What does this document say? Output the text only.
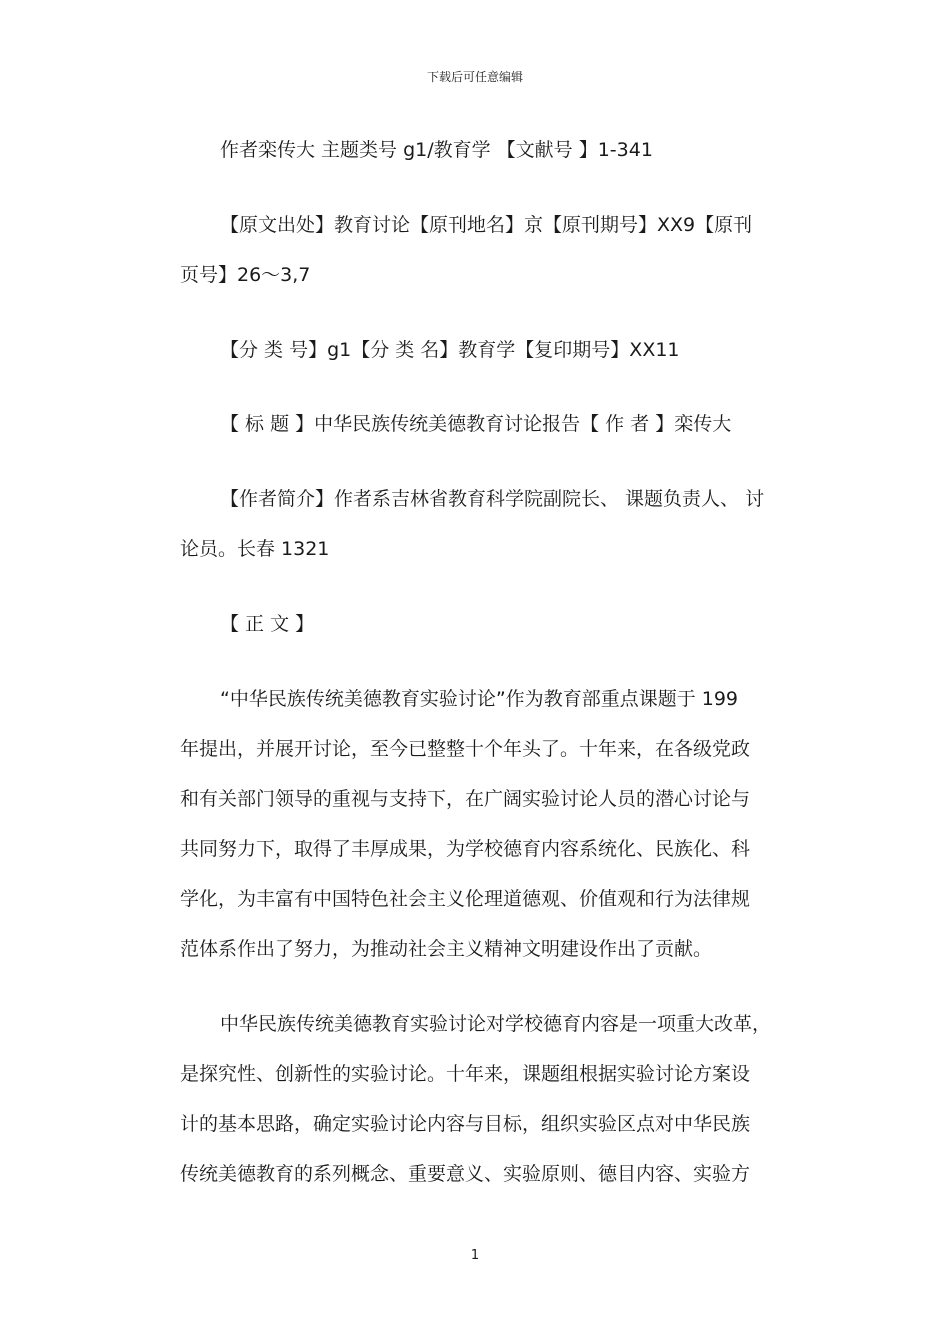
下载后可任意编辑
作者栾传大 主题类号 g1/教育学 【文献号 】1-341
【原文出处】教育讨论【原刊地名】京【原刊期号】XX9【原刊
页号】26～3,7
【分 类 号】g1【分 类 名】教育学【复印期号】XX11
【 标 题 】中华民族传统美德教育讨论报告【 作 者 】栾传大
【作者简介】作者系吉林省教育科学院副院长、 课题负责人、 讨
论员。长春 1321
【 正 文 】
“中华民族传统美德教育实验讨论”作为教育部重点课题于 199
年提出，并展开讨论，至今已整整十个年头了。十年来，在各级党政
和有关部门领导的重视与支持下，在广阔实验讨论人员的潜心讨论与
共同努力下，取得了丰厚成果，为学校德育内容系统化、民族化、科
学化，为丰富有中国特色社会主义伦理道德观、价值观和行为法律规
范体系作出了努力，为推动社会主义精神文明建设作出了贡献。
中华民族传统美德教育实验讨论对学校德育内容是一项重大改革，
是探究性、创新性的实验讨论。十年来，课题组根据实验讨论方案设
计的基本思路，确定实验讨论内容与目标，组织实验区点对中华民族
传统美德教育的系列概念、重要意义、实验原则、德目内容、实验方
1
